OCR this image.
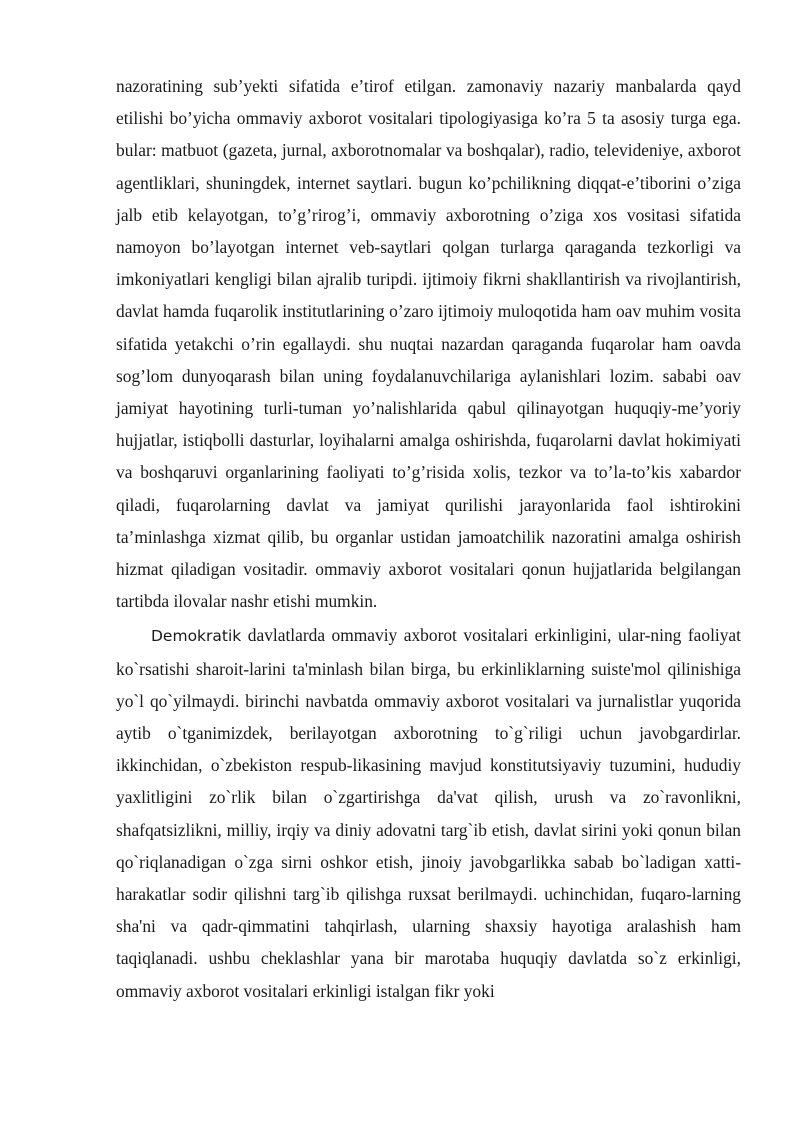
nazoratining sub’yekti sifatida e’tirof etilgan. zamonaviy nazariy manbalarda qayd etilishi bo’yicha ommaviy axborot vositalari tipologiyasiga ko’ra 5 ta asosiy turga ega. bular: matbuot (gazeta, jurnal, axborotnomalar va boshqalar), radio, televideniye, axborot agentliklari, shuningdek, internet saytlari. bugun ko’pchilikning diqqat-e’tiborini o’ziga jalb etib kelayotgan, to’g’rirog’i, ommaviy axborotning o’ziga xos vositasi sifatida namoyon bo’layotgan internet veb-saytlari qolgan turlarga qaraganda tezkorligi va imkoniyatlari kengligi bilan ajralib turipdi. ijtimoiy fikrni shakllantirish va rivojlantirish, davlat hamda fuqarolik institutlarining o’zaro ijtimoiy muloqotida ham oav muhim vosita sifatida yetakchi o’rin egallaydi. shu nuqtai nazardan qaraganda fuqarolar ham oavda sog’lom dunyoqarash bilan uning foydalanuvchilariga aylanishlari lozim. sababi oav jamiyat hayotining turli-tuman yo’nalishlarida qabul qilinayotgan huquqiy-me’yoriy hujjatlar, istiqbolli dasturlar, loyihalarni amalga oshirishda, fuqarolarni davlat hokimiyati va boshqaruvi organlarining faoliyati to’g’risida xolis, tezkor va to’la-to’kis xabardor qiladi, fuqarolarning davlat va jamiyat qurilishi jarayonlarida faol ishtirokini ta’minlashga xizmat qilib, bu organlar ustidan jamoatchilik nazoratini amalga oshirish hizmat qiladigan vositadir. ommaviy axborot vositalari qonun hujjatlarida belgilangan tartibda ilovalar nashr etishi mumkin.

Demokratik davlatlarda ommaviy axborot vositalari erkinligini, ular-ning faoliyat ko`rsatishi sharoit-larini ta'minlash bilan birga, bu erkinliklarning suiste'mol qilinishiga yo`l qo`yilmaydi. birinchi navbatda ommaviy axborot vositalari va jurnalistlar yuqorida aytib o`tganimizdek, berilayotgan axborotning to`g`riligi uchun javobgardirlar. ikkinchidan, o`zbekiston respub-likasining mavjud konstitutsiyaviy tuzumini, hududiy yaxlitligini zo`rlik bilan o`zgartirishga da'vat qilish, urush va zo`ravonlikni, shafqatsizlikni, milliy, irqiy va diniy adovatni targ`ib etish, davlat sirini yoki qonun bilan qo`riqlanadigan o`zga sirni oshkor etish, jinoiy javobgarlikka sabab bo`ladigan xatti-harakatlar sodir qilishni targ`ib qilishga ruxsat berilmaydi. uchinchidan, fuqaro-larning sha'ni va qadr-qimmatini tahqirlash, ularning shaxsiy hayotiga aralashish ham taqiqlanadi. ushbu cheklashlar yana bir marotaba huquqiy davlatda so`z erkinligi, ommaviy axborot vositalari erkinligi istalgan fikr yoki
